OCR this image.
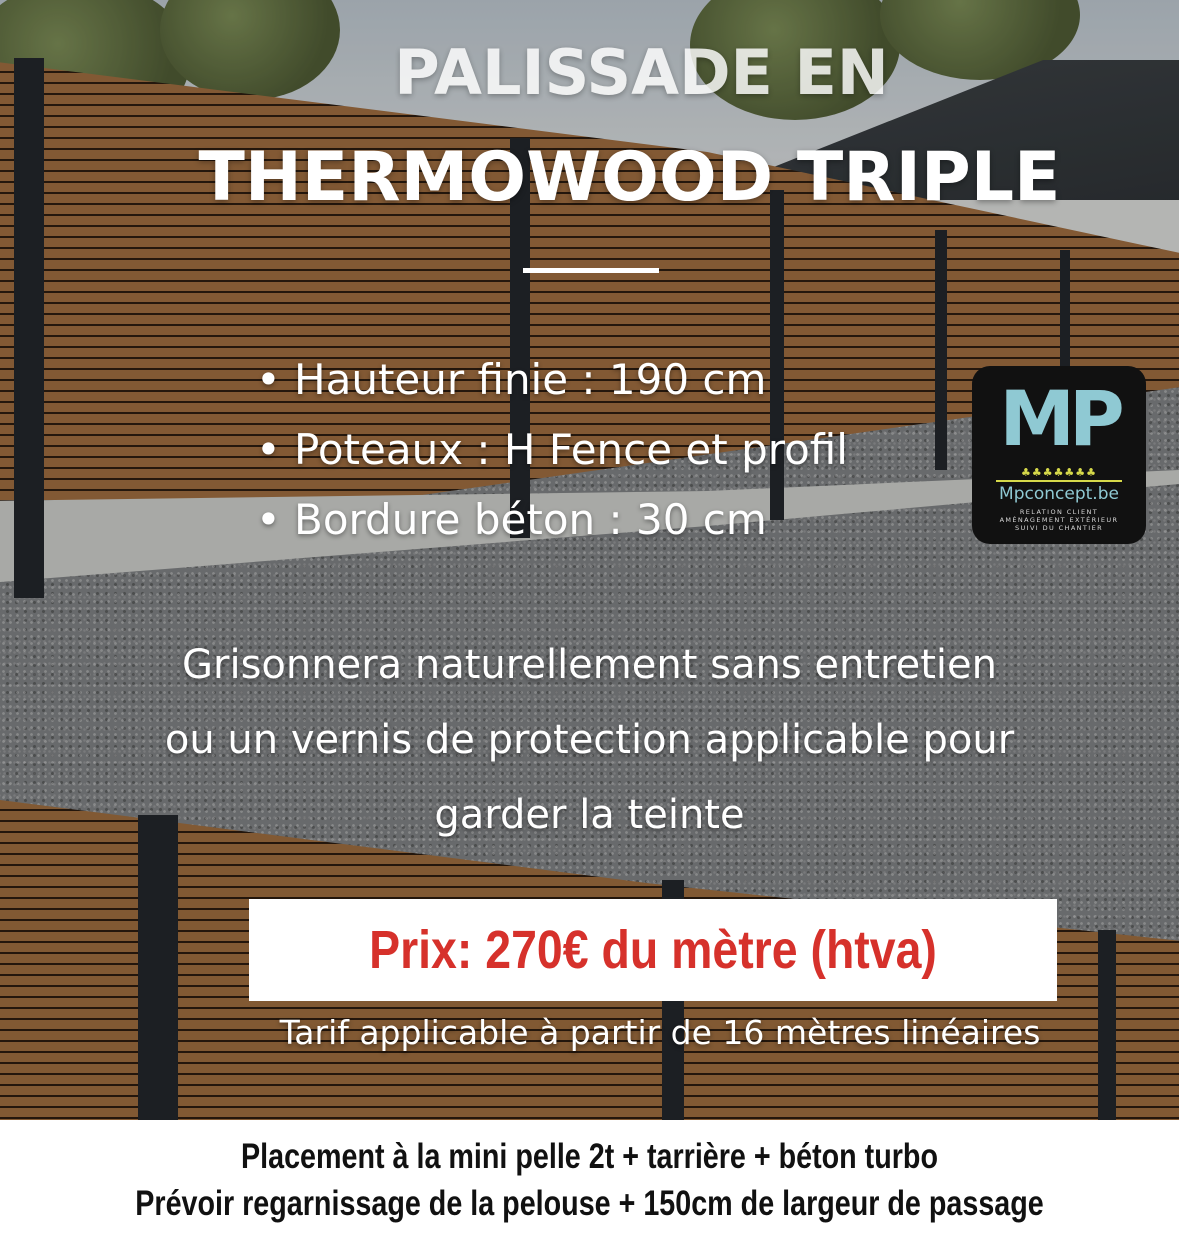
PALISSADE EN
THERMOWOOD TRIPLE
• Hauteur finie : 190 cm
• Poteaux : H Fence et profil
• Bordure béton : 30 cm
MP
♣♣♣♣♣♣♣
Mpconcept.be
RELATION CLIENT
AMÉNAGEMENT EXTÉRIEUR
SUIVI DU CHANTIER

Grisonnera naturellement sans entretien
ou un vernis de protection applicable pour
garder la teinte

Prix: 270€ du mètre (htva)

Tarif applicable à partir de 16 mètres linéaires

Placement à la mini pelle 2t + tarrière + béton turbo
Prévoir regarnissage de la pelouse + 150cm de largeur de passage
